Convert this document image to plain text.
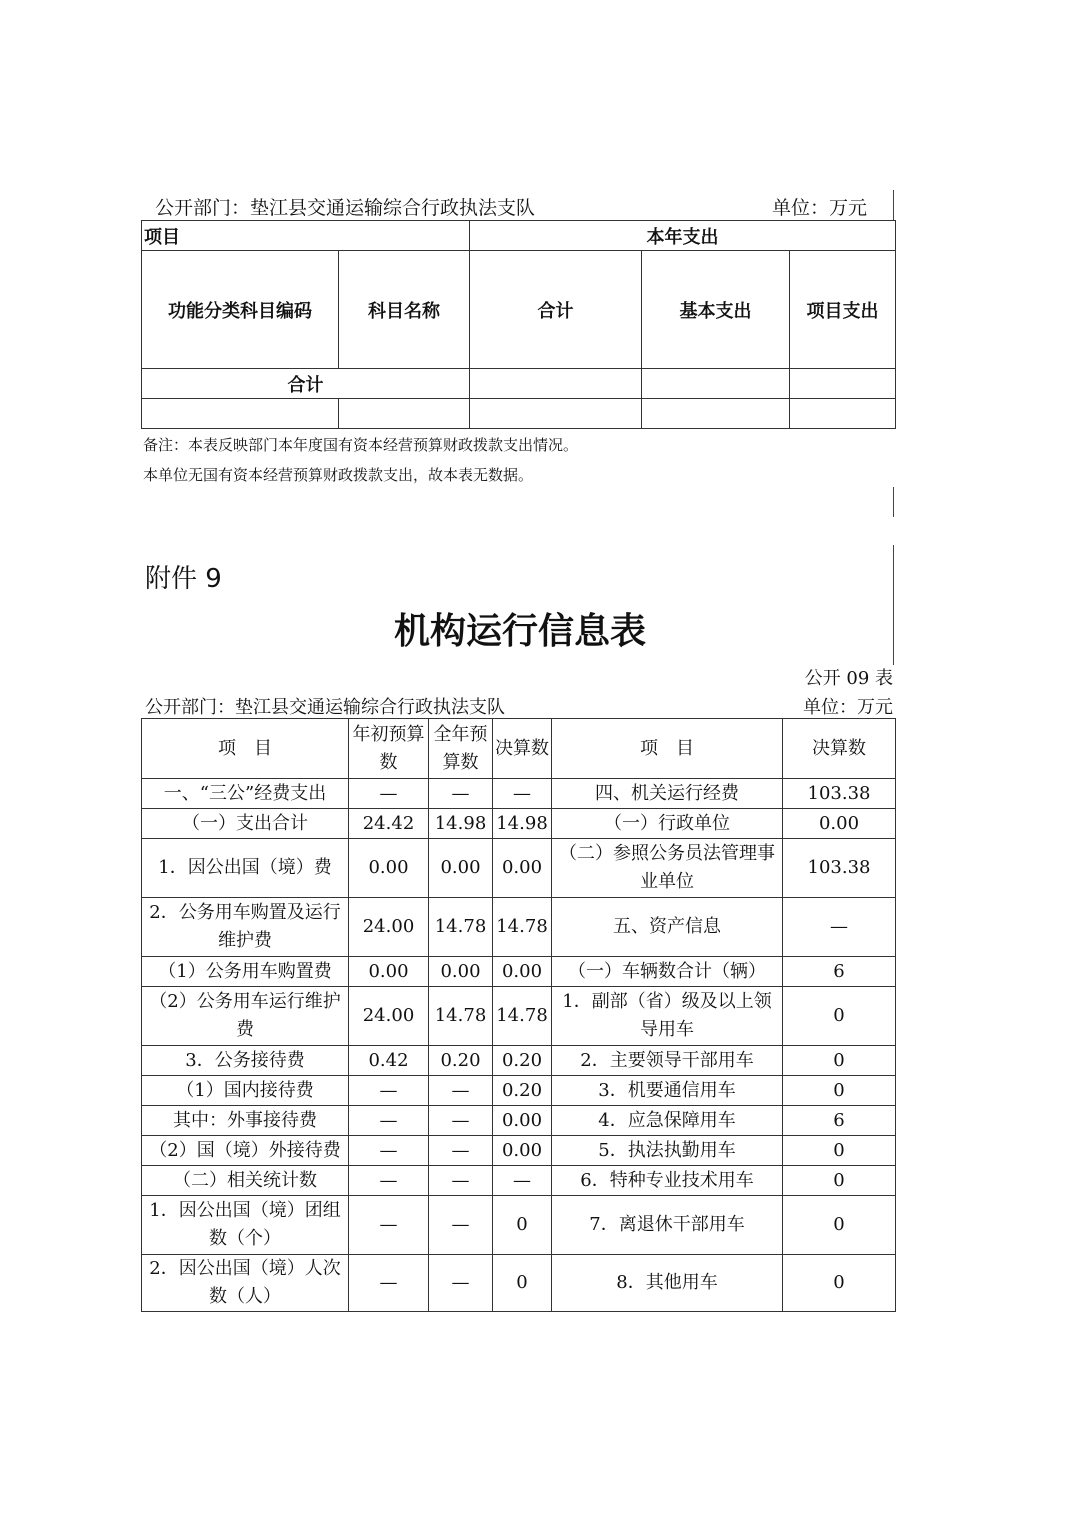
公开部门：垫江县交通运输综合行政执法支队	单位：万元
项目		本年支出		
功能分类科目编码	科目名称	合计	基本支出	项目支出
合计				

备注：本表反映部门本年度国有资本经营预算财政拨款支出情况。
本单位无国有资本经营预算财政拨款支出，故本表无数据。
附件 9
机构运行信息表
公开 09 表
公开部门：垫江县交通运输综合行政执法支队	单位：万元
项　目	年初预算数	全年预算数	决算数	项　目	决算数
一、“三公”经费支出	—	—	—	四、机关运行经费	103.38
（一）支出合计	24.42	14.98	14.98	（一）行政单位	0.00
1．因公出国（境）费	0.00	0.00	0.00	（二）参照公务员法管理事业单位	103.38
2．公务用车购置及运行维护费	24.00	14.78	14.78	五、资产信息	—
（1）公务用车购置费	0.00	0.00	0.00	（一）车辆数合计（辆）	6
（2）公务用车运行维护费	24.00	14.78	14.78	1．副部（省）级及以上领导用车	0
3．公务接待费	0.42	0.20	0.20	2．主要领导干部用车	0
（1）国内接待费	—	—	0.20	3．机要通信用车	0
其中：外事接待费	—	—	0.00	4．应急保障用车	6
（2）国（境）外接待费	—	—	0.00	5．执法执勤用车	0
（二）相关统计数	—	—	—	6．特种专业技术用车	0
1．因公出国（境）团组数（个）	—	—	0	7．离退休干部用车	0
2．因公出国（境）人次数（人）	—	—	0	8．其他用车	0
